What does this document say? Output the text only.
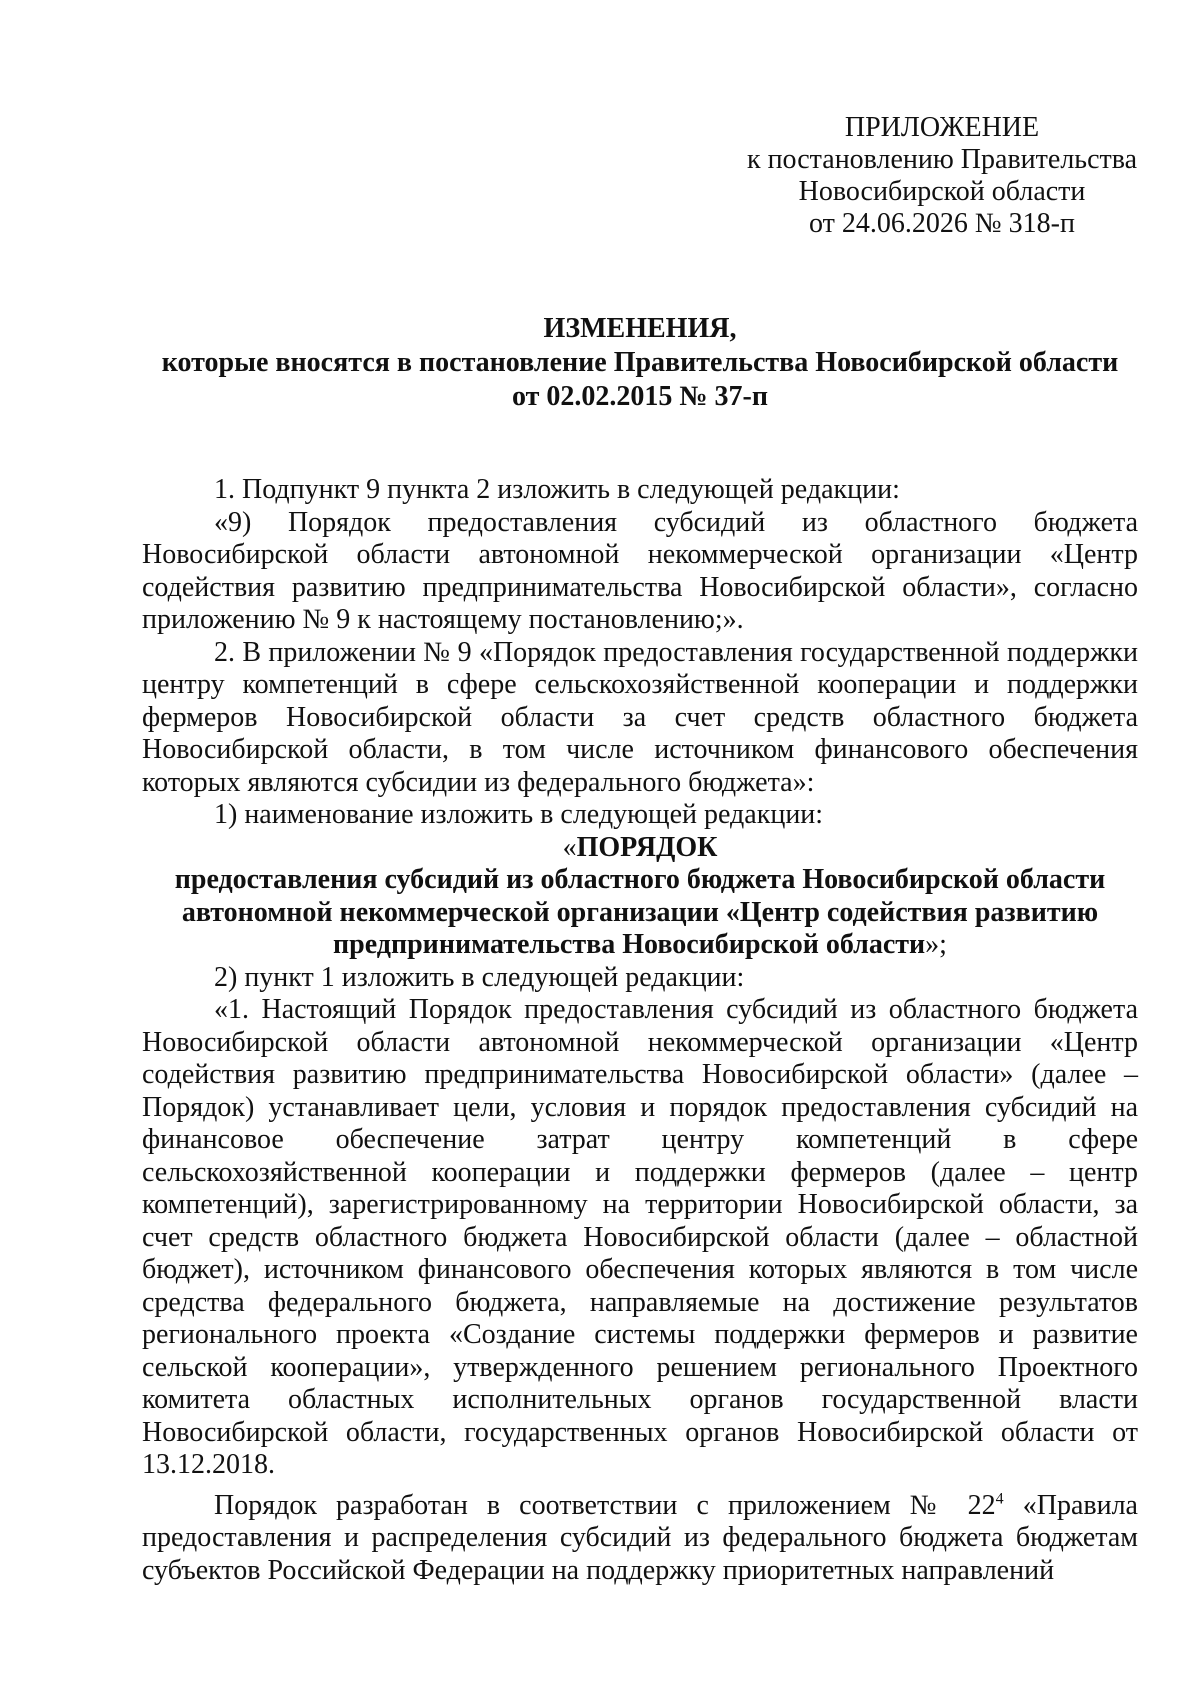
ПРИЛОЖЕНИЕ
к постановлению Правительства
Новосибирской области
от 24.06.2026 № 318-п
ИЗМЕНЕНИЯ,
которые вносятся в постановление Правительства Новосибирской области
от 02.02.2015 № 37-п

1. Подпункт 9 пункта 2 изложить в следующей редакции:

«9) Порядок предоставления субсидий из областного бюджета Новосибирской области автономной некоммерческой организации «Центр содействия развитию предпринимательства Новосибирской области», согласно приложению № 9 к настоящему постановлению;».

2. В приложении № 9 «Порядок предоставления государственной поддержки центру компетенций в сфере сельскохозяйственной кооперации и поддержки фермеров Новосибирской области за счет средств областного бюджета Новосибирской области, в том числе источником финансового обеспечения которых являются субсидии из федерального бюджета»:

1) наименование изложить в следующей редакции:

«ПОРЯДОК
предоставления субсидий из областного бюджета Новосибирской области
автономной некоммерческой организации «Центр содействия развитию
предпринимательства Новосибирской области»;

2) пункт 1 изложить в следующей редакции:

«1. Настоящий Порядок предоставления субсидий из областного бюджета Новосибирской области автономной некоммерческой организации «Центр содействия развитию предпринимательства Новосибирской области» (далее – Порядок) устанавливает цели, условия и порядок предоставления субсидий на финансовое обеспечение затрат центру компетенций в сфере сельскохозяйственной кооперации и поддержки фермеров (далее – центр компетенций), зарегистрированному на территории Новосибирской области, за счет средств областного бюджета Новосибирской области (далее – областной бюджет), источником финансового обеспечения которых являются в том числе средства федерального бюджета, направляемые на достижение результатов регионального проекта «Создание системы поддержки фермеров и развитие сельской кооперации», утвержденного решением регионального Проектного комитета областных исполнительных органов государственной власти Новосибирской области, государственных органов Новосибирской области от 13.12.2018.

Порядок разработан в соответствии с приложением № $22^4$ «Правила предоставления и распределения субсидий из федерального бюджета бюджетам субъектов Российской Федерации на поддержку приоритетных направлений
